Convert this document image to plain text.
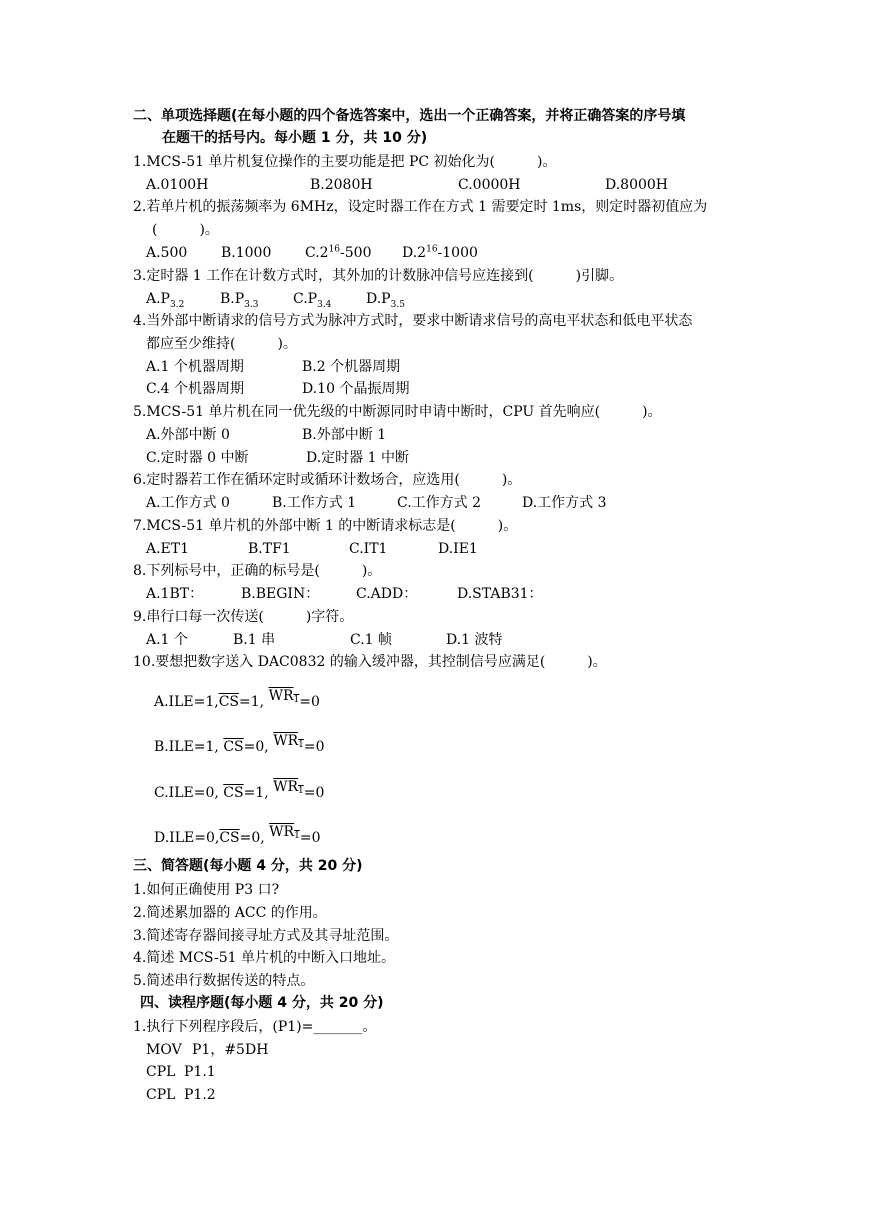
二、单项选择题(在每小题的四个备选答案中，选出一个正确答案，并将正确答案的序号填
在题干的括号内。每小题 1 分，共 10 分)
1.MCS-51 单片机复位操作的主要功能是把 PC 初始化为(　　　)。
A.0100H	B.2080H	C.0000H	D.8000H
2.若单片机的振荡频率为 6MHz，设定时器工作在方式 1 需要定时 1ms，则定时器初值应为
(　　　)。
A.500 B.1000 $C.2^{16}-500$ $D.2^{16}-1000$
3.定时器 1 工作在计数方式时，其外加的计数脉冲信号应连接到(　　　)引脚。
$A.P_{3.2}$	$B.P_{3.3}$ $C.P_{3.4}$ $D.P_{3.5}$
4.当外部中断请求的信号方式为脉冲方式时，要求中断请求信号的高电平状态和低电平状态
都应至少维持(　　　)。
A.1 个机器周期	B.2 个机器周期
C.4 个机器周期	D.10 个晶振周期
5.MCS-51 单片机在同一优先级的中断源同时申请中断时，CPU 首先响应(　　　)。
A.外部中断 0	B.外部中断 1
C.定时器 0 中断	D.定时器 1 中断
6.定时器若工作在循环定时或循环计数场合，应选用(　　　)。
A.工作方式 0	B.工作方式 1	C.工作方式 2	D.工作方式 3
7.MCS-51 单片机的外部中断 1 的中断请求标志是(　　　)。
A.ET1	B.TF1	C.IT1	D.IE1
8.下列标号中，正确的标号是(　　　)。
A.1BT：	B.BEGIN：	C.ADD：	D.STAB31：
9.串行口每一次传送(　　　)字符。
A.1 个	B.1 串	C.1 帧	D.1 波特
10.要想把数字送入 DAC0832 的输入缓冲器，其控制信号应满足(　　　)。
$A.ILE=1,\overline{CS}=1$, $WR_1=0$
B.ILE=1, $\overline{CS}=0$, $WR_1=0$
C.ILE=0, $\overline{CS}=1$, $WR_1=0$
$D.ILE=0,\overline{CS}=0$, $WR_1=0$
三、简答题(每小题 4 分，共 20 分)
1.如何正确使用 P3 口?
2.简述累加器的 ACC 的作用。
3.简述寄存器间接寻址方式及其寻址范围。
4.简述 MCS-51 单片机的中断入口地址。
5.简述串行数据传送的特点。
四、读程序题(每小题 4 分，共 20 分)
1.执行下列程序段后，(P1)=_______。
MOV P1，#5DH
CPL P1.1
CPL P1.2
